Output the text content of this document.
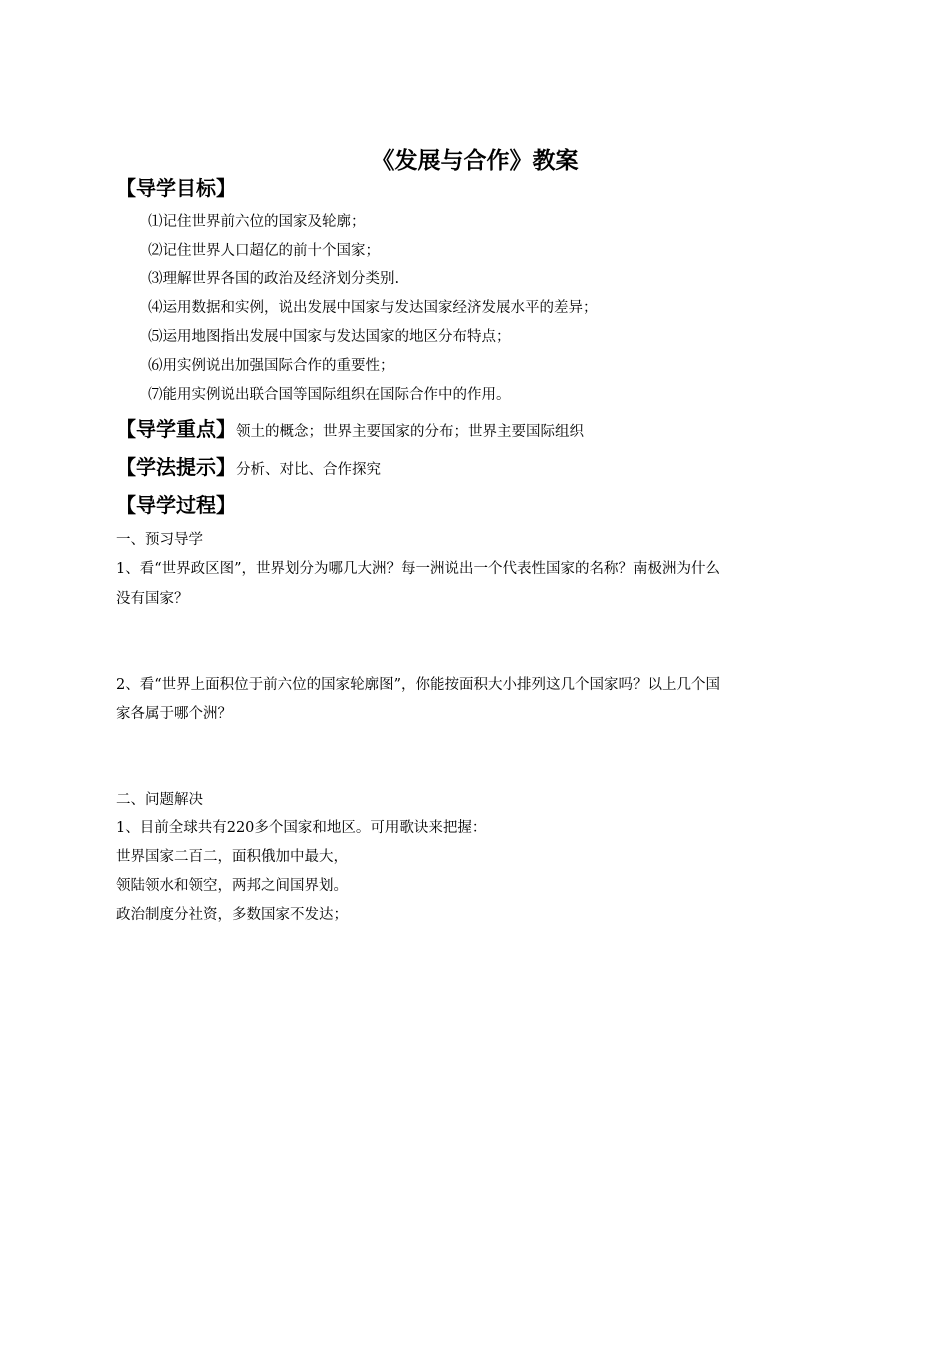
《发展与合作》教案
【导学目标】
⑴记住世界前六位的国家及轮廓；
⑵记住世界人口超亿的前十个国家；
⑶理解世界各国的政治及经济划分类别.
⑷运用数据和实例，说出发展中国家与发达国家经济发展水平的差异；
⑸运用地图指出发展中国家与发达国家的地区分布特点；
⑹用实例说出加强国际合作的重要性；
⑺能用实例说出联合国等国际组织在国际合作中的作用。
【导学重点】领土的概念；世界主要国家的分布；世界主要国际组织
【学法提示】分析、对比、合作探究
【导学过程】
一、预习导学
1、看“世界政区图”，世界划分为哪几大洲？每一洲说出一个代表性国家的名称？南极洲为什么
没有国家？
2、看“世界上面积位于前六位的国家轮廓图”，你能按面积大小排列这几个国家吗？以上几个国
家各属于哪个洲？
二、问题解决
1、目前全球共有220多个国家和地区。可用歌诀来把握：
世界国家二百二，面积俄加中最大，
领陆领水和领空，两邦之间国界划。
政治制度分社资，多数国家不发达；
